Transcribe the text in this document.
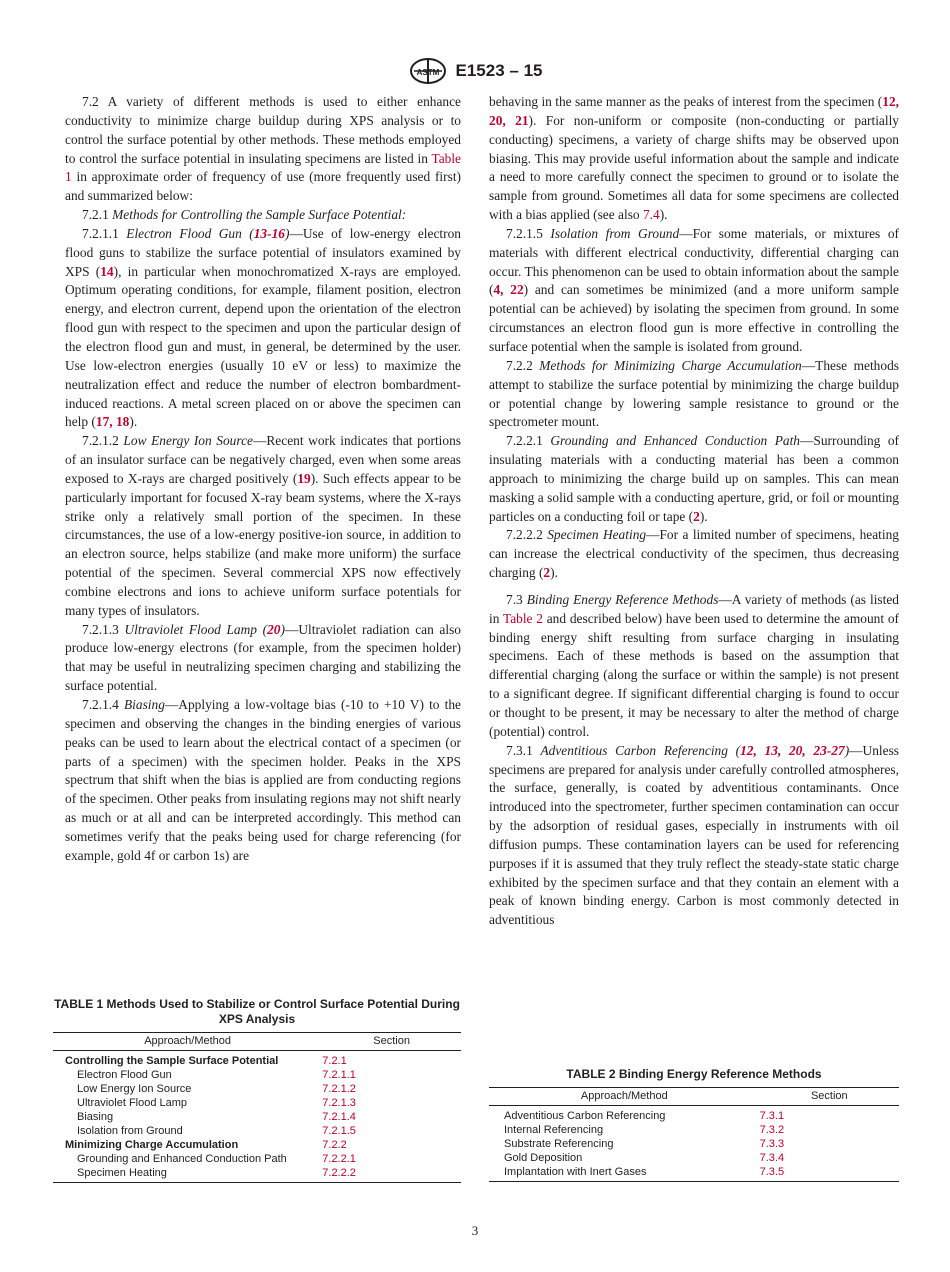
ASTM E1523 – 15

7.2 A variety of different methods is used to either enhance conductivity to minimize charge buildup during XPS analysis or to control the surface potential by other methods. These methods employed to control the surface potential in insulating specimens are listed in Table 1 in approximate order of frequency of use (more frequently used first) and summarized below:

7.2.1 Methods for Controlling the Sample Surface Potential:

7.2.1.1 Electron Flood Gun (13-16)—Use of low-energy electron flood guns to stabilize the surface potential of insulators examined by XPS (14), in particular when monochromatized X-rays are employed. Optimum operating conditions, for example, filament position, electron energy, and electron current, depend upon the orientation of the electron flood gun with respect to the specimen and upon the particular design of the electron flood gun and must, in general, be determined by the user. Use low-electron energies (usually 10 eV or less) to maximize the neutralization effect and reduce the number of electron bombardment-induced reactions. A metal screen placed on or above the specimen can help (17, 18).

7.2.1.2 Low Energy Ion Source—Recent work indicates that portions of an insulator surface can be negatively charged, even when some areas exposed to X-rays are charged positively (19). Such effects appear to be particularly important for focused X-ray beam systems, where the X-rays strike only a relatively small portion of the specimen. In these circumstances, the use of a low-energy positive-ion source, in addition to an electron source, helps stabilize (and make more uniform) the surface potential of the specimen. Several commercial XPS now effectively combine electrons and ions to achieve uniform surface potentials for many types of insulators.

7.2.1.3 Ultraviolet Flood Lamp (20)—Ultraviolet radiation can also produce low-energy electrons (for example, from the specimen holder) that may be useful in neutralizing specimen charging and stabilizing the surface potential.

7.2.1.4 Biasing—Applying a low-voltage bias (-10 to +10 V) to the specimen and observing the changes in the binding energies of various peaks can be used to learn about the electrical contact of a specimen (or parts of a specimen) with the specimen holder. Peaks in the XPS spectrum that shift when the bias is applied are from conducting regions of the specimen. Other peaks from insulating regions may not shift nearly as much or at all and can be interpreted accordingly. This method can sometimes verify that the peaks being used for charge referencing (for example, gold 4f or carbon 1s) are

behaving in the same manner as the peaks of interest from the specimen (12, 20, 21). For non-uniform or composite (non-conducting or partially conducting) specimens, a variety of charge shifts may be observed upon biasing. This may provide useful information about the sample and indicate a need to more carefully connect the specimen to ground or to isolate the sample from ground. Sometimes all data for some specimens are collected with a bias applied (see also 7.4).

7.2.1.5 Isolation from Ground—For some materials, or mixtures of materials with different electrical conductivity, differential charging can occur. This phenomenon can be used to obtain information about the sample (4, 22) and can sometimes be minimized (and a more uniform sample potential can be achieved) by isolating the specimen from ground. In some circumstances an electron flood gun is more effective in controlling the surface potential when the sample is isolated from ground.

7.2.2 Methods for Minimizing Charge Accumulation—These methods attempt to stabilize the surface potential by minimizing the charge buildup or potential change by lowering sample resistance to ground or the spectrometer mount.

7.2.2.1 Grounding and Enhanced Conduction Path—Surrounding of insulating materials with a conducting material has been a common approach to minimizing the charge build up on samples. This can mean masking a solid sample with a conducting aperture, grid, or foil or mounting particles on a conducting foil or tape (2).

7.2.2.2 Specimen Heating—For a limited number of specimens, heating can increase the electrical conductivity of the specimen, thus decreasing charging (2).

7.3 Binding Energy Reference Methods—A variety of methods (as listed in Table 2 and described below) have been used to determine the amount of binding energy shift resulting from surface charging in insulating specimens. Each of these methods is based on the assumption that differential charging (along the surface or within the sample) is not present to a significant degree. If significant differential charging is found to occur or thought to be present, it may be necessary to alter the method of charge (potential) control.

7.3.1 Adventitious Carbon Referencing (12, 13, 20, 23-27)—Unless specimens are prepared for analysis under carefully controlled atmospheres, the surface, generally, is coated by adventitious contaminants. Once introduced into the spectrometer, further specimen contamination can occur by the adsorption of residual gases, especially in instruments with oil diffusion pumps. These contamination layers can be used for referencing purposes if it is assumed that they truly reflect the steady-state static charge exhibited by the specimen surface and that they contain an element with a peak of known binding energy. Carbon is most commonly detected in adventitious

TABLE 1 Methods Used to Stabilize or Control Surface Potential During XPS Analysis
Approach/Method	Section
Controlling the Sample Surface Potential	7.2.1
Electron Flood Gun	7.2.1.1
Low Energy Ion Source	7.2.1.2
Ultraviolet Flood Lamp	7.2.1.3
Biasing	7.2.1.4
Isolation from Ground	7.2.1.5
Minimizing Charge Accumulation	7.2.2
Grounding and Enhanced Conduction Path	7.2.2.1
Specimen Heating	7.2.2.2
TABLE 2 Binding Energy Reference Methods
Approach/Method	Section
Adventitious Carbon Referencing	7.3.1
Internal Referencing	7.3.2
Substrate Referencing	7.3.3
Gold Deposition	7.3.4
Implantation with Inert Gases	7.3.5
3
